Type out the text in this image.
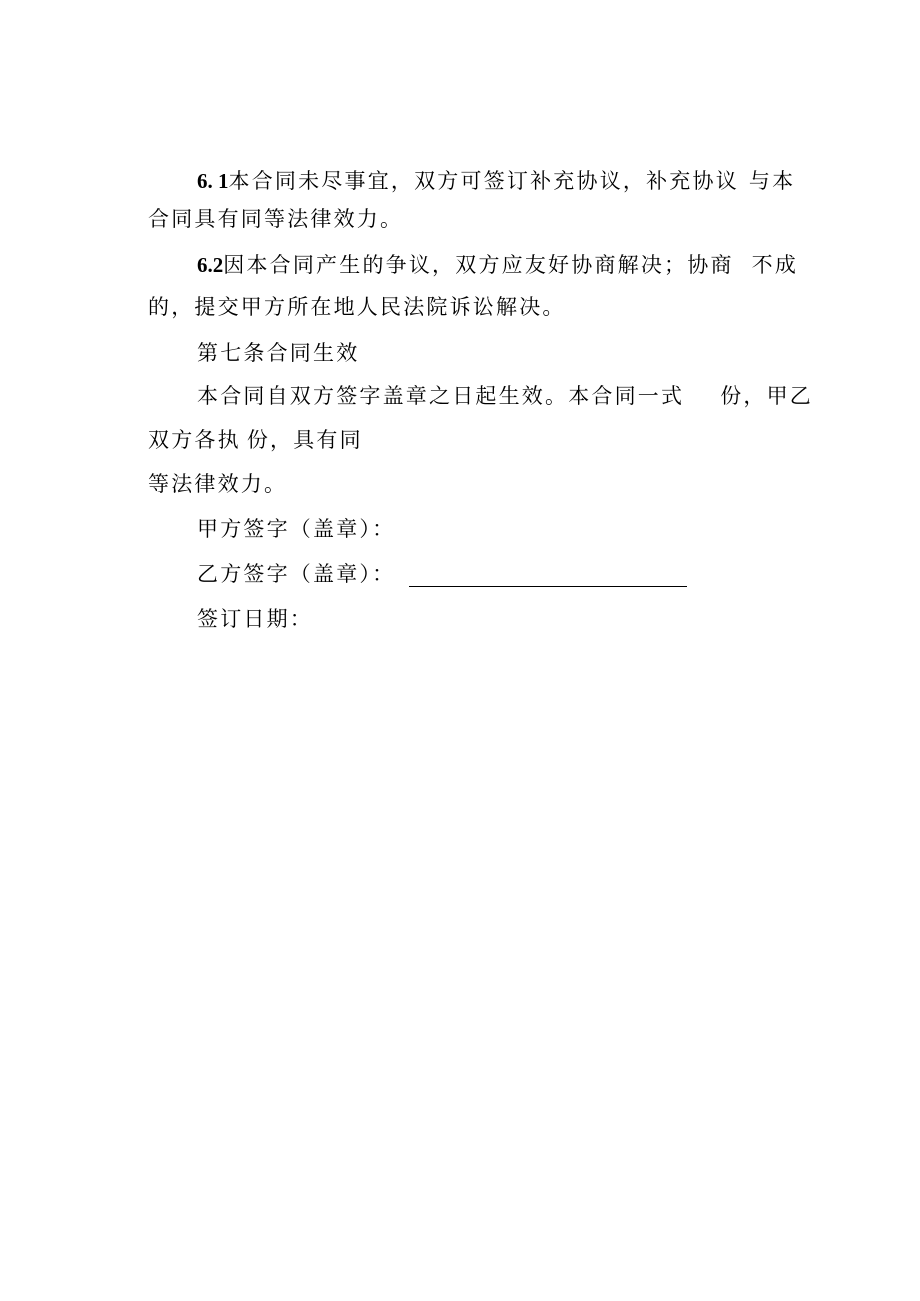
6. 1本合同未尽事宜，双方可签订补充协议，补充协议 与本
合同具有同等法律效力。
6.2因本合同产生的争议，双方应友好协商解决；协商 不成
的，提交甲方所在地人民法院诉讼解决。
第七条合同生效
本合同自双方签字盖章之日起生效。本合同一式 份，甲乙
双方各执 份，具有同
等法律效力。
甲方签字（盖章）：
乙方签字（盖章）：
签订日期：
